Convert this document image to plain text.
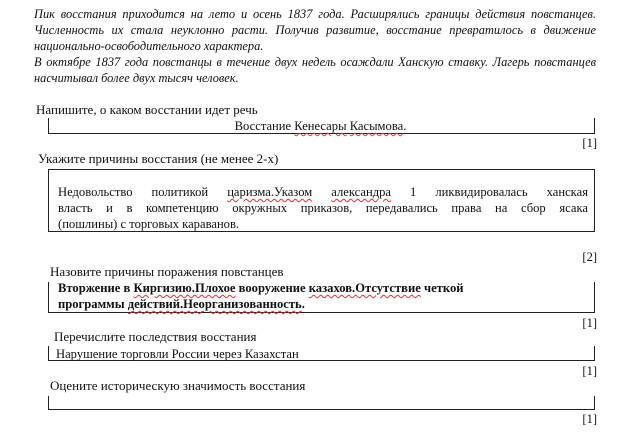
Пик восстания приходится на лето и осень 1837 года. Расширялись границы действия повстанцев. Численность их стала неуклонно расти. Получив развитие, восстание превратилось в движение национально-освободительного характера.

В октябре 1837 года повстанцы в течение двух недель осаждали Ханскую ставку. Лагерь повстанцев насчитывал более двух тысяч человек.

Напишите, о каком восстании идет речь
Восстание Кенесары Касымова.
[1]
Укажите причины восстания (не менее 2-х)
Недовольство политикой царизма.Указом александра 1 ликвидировалась ханская
власть и в компетенцию окружных приказов, передавались права на сбор ясака
(пошлины) с торговых караванов.
[2]
Назовите причины поражения повстанцев
Вторжение в Киргизию.Плохое вооружение казахов.Отсутствие четкой
программы действий.Неорганизованность.
[1]
Перечислите последствия восстания
Нарушение торговли России через Казахстан
[1]
Оцените историческую значимость восстания
[1]
